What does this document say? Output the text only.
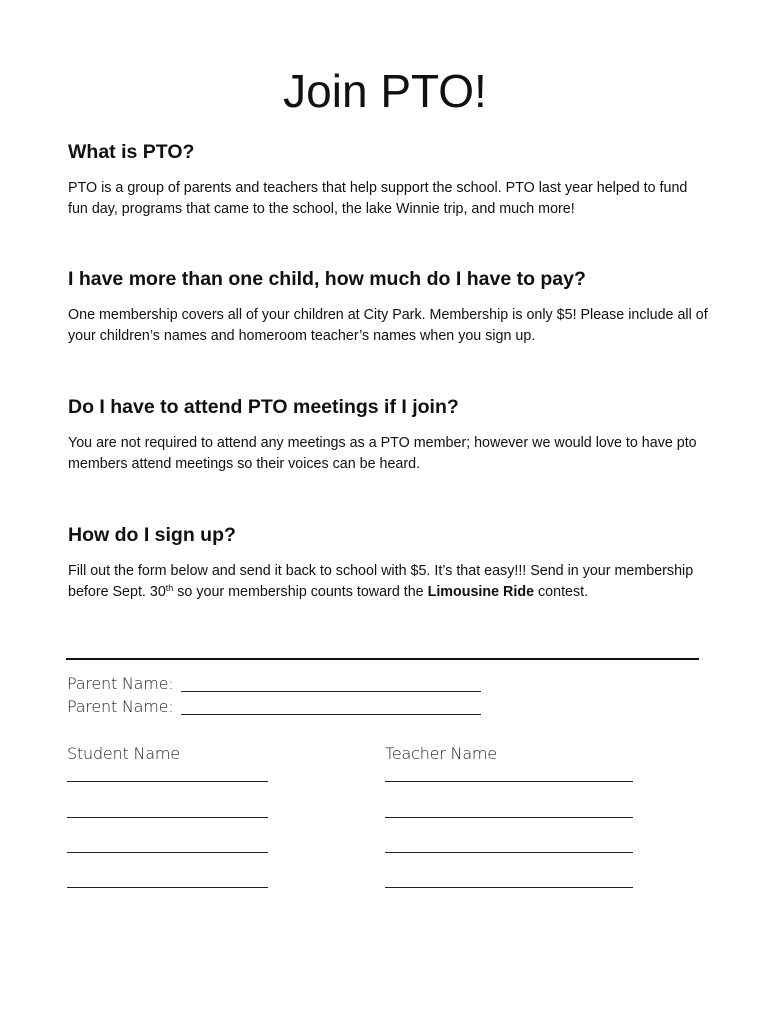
Join PTO!
What is PTO?

PTO is a group of parents and teachers that help support the school. PTO last year helped to fund fun day, programs that came to the school, the lake Winnie trip, and much more!

I have more than one child, how much do I have to pay?

One membership covers all of your children at City Park. Membership is only $5! Please include all of your children’s names and homeroom teacher’s names when you sign up.

Do I have to attend PTO meetings if I join?

You are not required to attend any meetings as a PTO member; however we would love to have pto members attend meetings so their voices can be heard.

How do I sign up?

Fill out the form below and send it back to school with $5. It’s that easy!!! Send in your membership before Sept. 30th so your membership counts toward the Limousine Ride contest.

Parent Name:
Parent Name:
Student Name	Teacher Name
